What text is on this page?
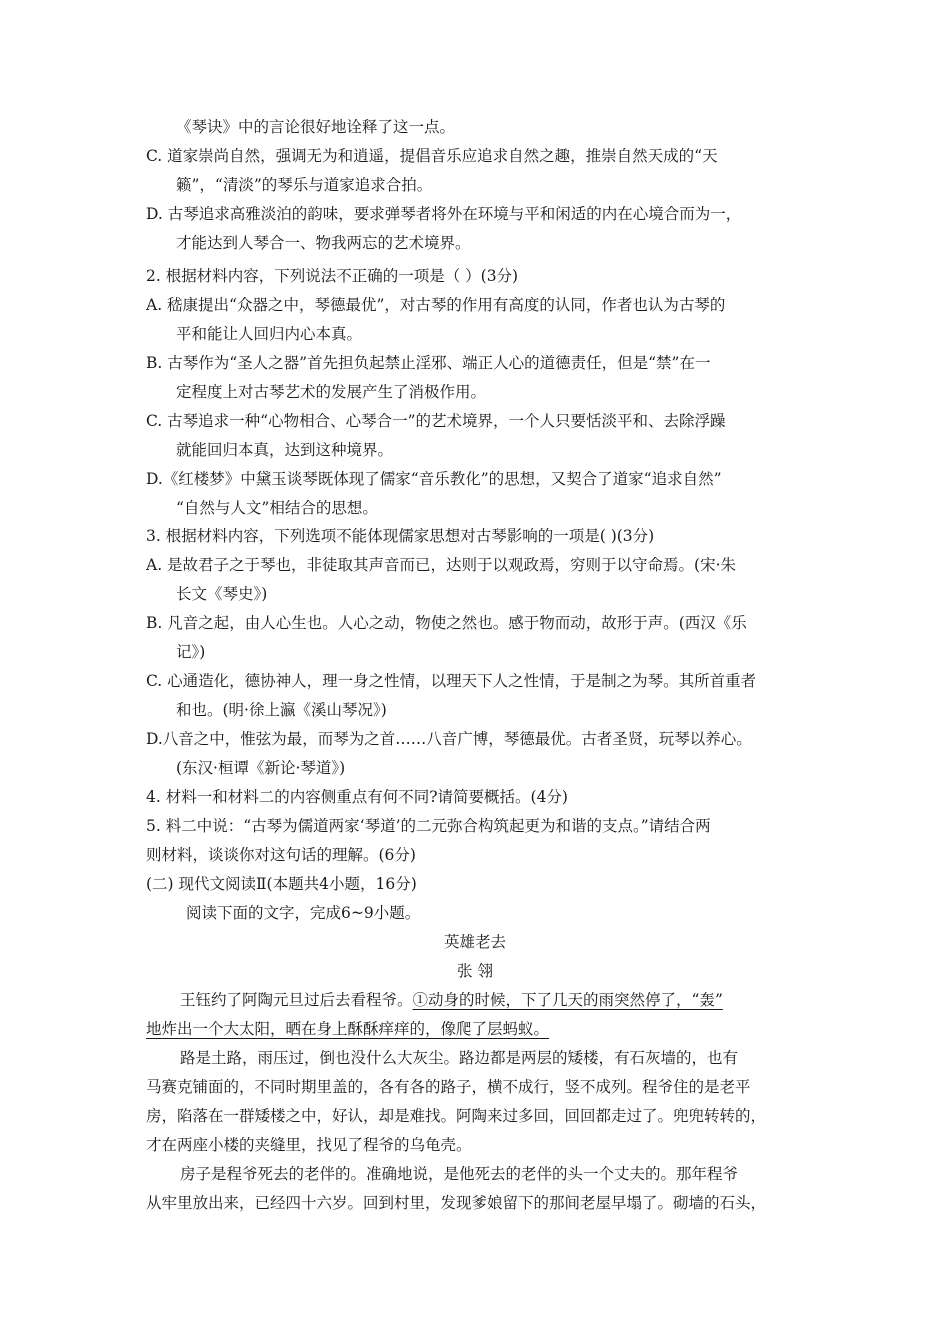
《琴诀》中的言论很好地诠释了这一点。
C. 道家崇尚自然，强调无为和逍遥，提倡音乐应追求自然之趣，推崇自然天成的“天
籁”，“清淡”的琴乐与道家追求合拍。
D. 古琴追求高雅淡泊的韵味，要求弹琴者将外在环境与平和闲适的内在心境合而为一，
才能达到人琴合一、物我两忘的艺术境界。
2. 根据材料内容，下列说法不正确的一项是（ ）(3分)
A. 嵇康提出“众器之中，琴德最优”，对古琴的作用有高度的认同，作者也认为古琴的
平和能让人回归内心本真。
B. 古琴作为“圣人之器”首先担负起禁止淫邪、端正人心的道德责任，但是“禁”在一
定程度上对古琴艺术的发展产生了消极作用。
C. 古琴追求一种“心物相合、心琴合一”的艺术境界，一个人只要恬淡平和、去除浮躁
就能回归本真，达到这种境界。
D.《红楼梦》中黛玉谈琴既体现了儒家“音乐教化”的思想，又契合了道家“追求自然”
“自然与人文”相结合的思想。
3. 根据材料内容，下列选项不能体现儒家思想对古琴影响的一项是( )(3分)
A. 是故君子之于琴也，非徒取其声音而已，达则于以观政焉，穷则于以守命焉。(宋·朱
长文《琴史》)
B. 凡音之起，由人心生也。人心之动，物使之然也。感于物而动，故形于声。(西汉《乐
记》)
C. 心通造化，德协神人，理一身之性情，以理天下人之性情，于是制之为琴。其所首重者
和也。(明·徐上瀛《溪山琴况》)
D.八音之中，惟弦为最，而琴为之首……八音广博，琴德最优。古者圣贤，玩琴以养心。
(东汉·桓谭《新论·琴道》)
4. 材料一和材料二的内容侧重点有何不同?请简要概括。(4分)
5. 料二中说：“古琴为儒道两家‘琴道’的二元弥合构筑起更为和谐的支点。”请结合两
则材料，谈谈你对这句话的理解。(6分)
(二) 现代文阅读Ⅱ(本题共4小题，16分)
阅读下面的文字，完成6~9小题。
英雄老去
张 翎
王钰约了阿陶元旦过后去看程爷。①动身的时候，下了几天的雨突然停了，“轰”
地炸出一个大太阳，晒在身上酥酥痒痒的，像爬了层蚂蚁。
路是土路，雨压过，倒也没什么大灰尘。路边都是两层的矮楼，有石灰墙的，也有
马赛克铺面的，不同时期里盖的，各有各的路子，横不成行，竖不成列。程爷住的是老平
房，陷落在一群矮楼之中，好认，却是难找。阿陶来过多回，回回都走过了。兜兜转转的，
才在两座小楼的夹缝里，找见了程爷的乌龟壳。
房子是程爷死去的老伴的。准确地说，是他死去的老伴的头一个丈夫的。那年程爷
从牢里放出来，已经四十六岁。回到村里，发现爹娘留下的那间老屋早塌了。砌墙的石头，
